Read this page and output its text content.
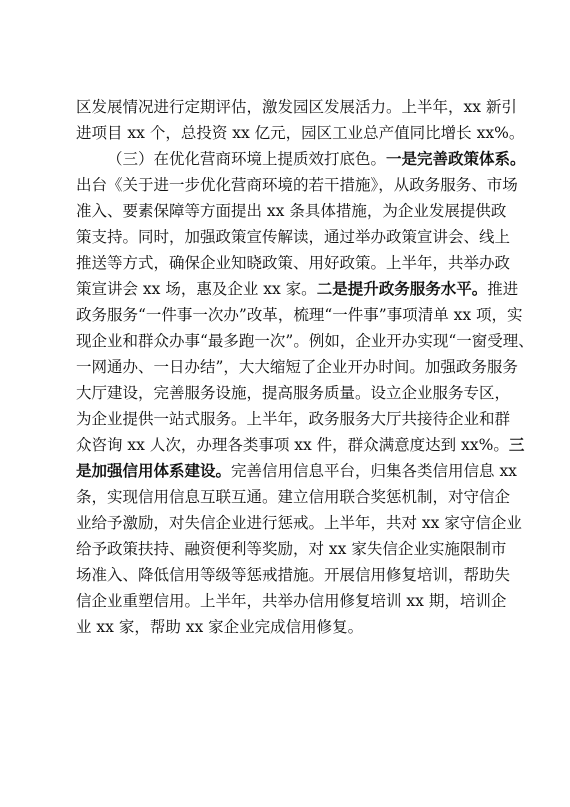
区发展情况进行定期评估，激发园区发展活力。上半年，xx 新引
进项目 xx 个，总投资 xx 亿元，园区工业总产值同比增长 xx%。
（三）在优化营商环境上提质效打底色。一是完善政策体系。
出台《关于进一步优化营商环境的若干措施》，从政务服务、市场
准入、要素保障等方面提出 xx 条具体措施，为企业发展提供政
策支持。同时，加强政策宣传解读，通过举办政策宣讲会、线上
推送等方式，确保企业知晓政策、用好政策。上半年，共举办政
策宣讲会 xx 场，惠及企业 xx 家。二是提升政务服务水平。推进
政务服务“一件事一次办”改革，梳理“一件事”事项清单 xx 项，实
现企业和群众办事“最多跑一次”。例如，企业开办实现“一窗受理、
一网通办、一日办结”，大大缩短了企业开办时间。加强政务服务
大厅建设，完善服务设施，提高服务质量。设立企业服务专区，
为企业提供一站式服务。上半年，政务服务大厅共接待企业和群
众咨询 xx 人次，办理各类事项 xx 件，群众满意度达到 xx%。三
是加强信用体系建设。完善信用信息平台，归集各类信用信息 xx
条，实现信用信息互联互通。建立信用联合奖惩机制，对守信企
业给予激励，对失信企业进行惩戒。上半年，共对 xx 家守信企业
给予政策扶持、融资便利等奖励，对 xx 家失信企业实施限制市
场准入、降低信用等级等惩戒措施。开展信用修复培训，帮助失
信企业重塑信用。上半年，共举办信用修复培训 xx 期，培训企
业 xx 家，帮助 xx 家企业完成信用修复。
